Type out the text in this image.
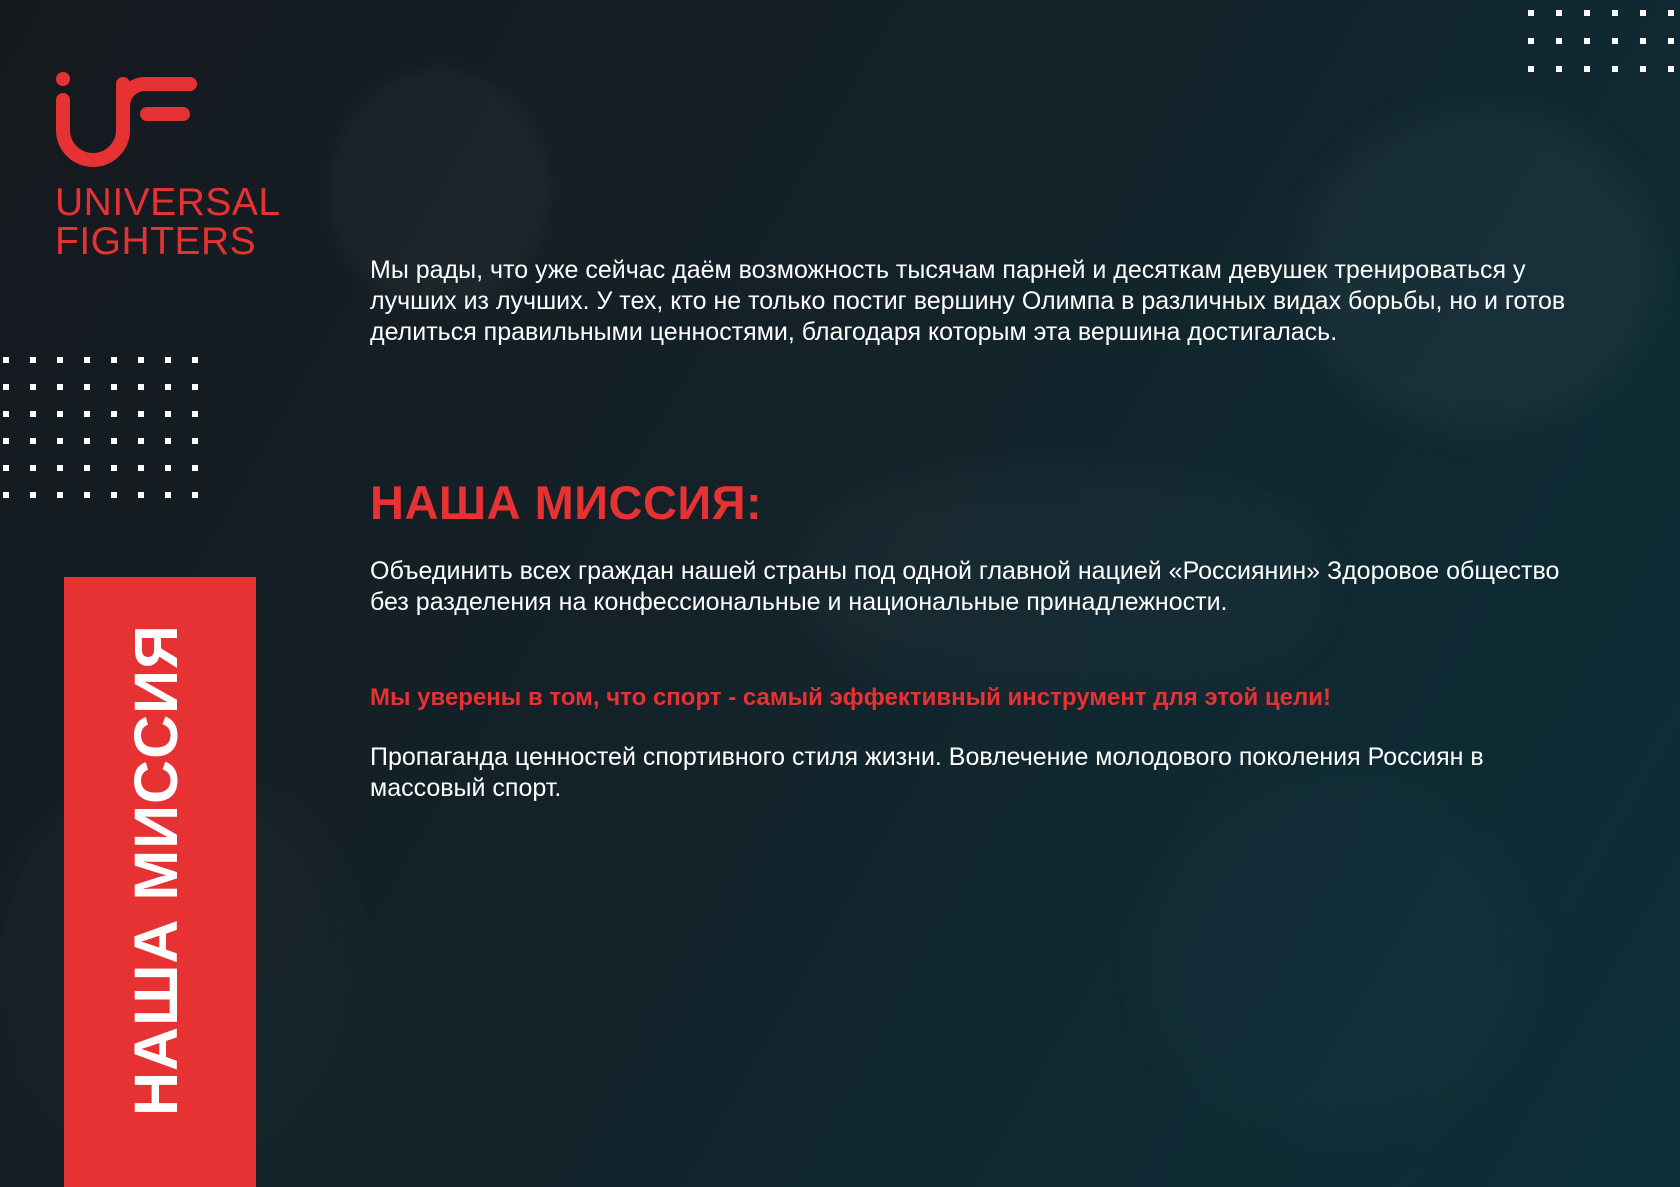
UNIVERSAL
FIGHTERS
НАША МИССИЯ
Мы рады, что уже сейчас даём возможность тысячам парней и десяткам девушек тренироваться у лучших из лучших. У тех, кто не только постиг вершину Олимпа в различных видах борьбы, но и готов делиться правильными ценностями, благодаря которым эта вершина достигалась.
НАША МИССИЯ:
Объединить всех граждан нашей страны под одной главной нацией «Россиянин» Здоровое общество без разделения на конфессиональные и национальные принадлежности.
Мы уверены в том, что спорт - самый эффективный инструмент для этой цели!
Пропаганда ценностей спортивного стиля жизни. Вовлечение молодового поколения Россиян в массовый спорт.
